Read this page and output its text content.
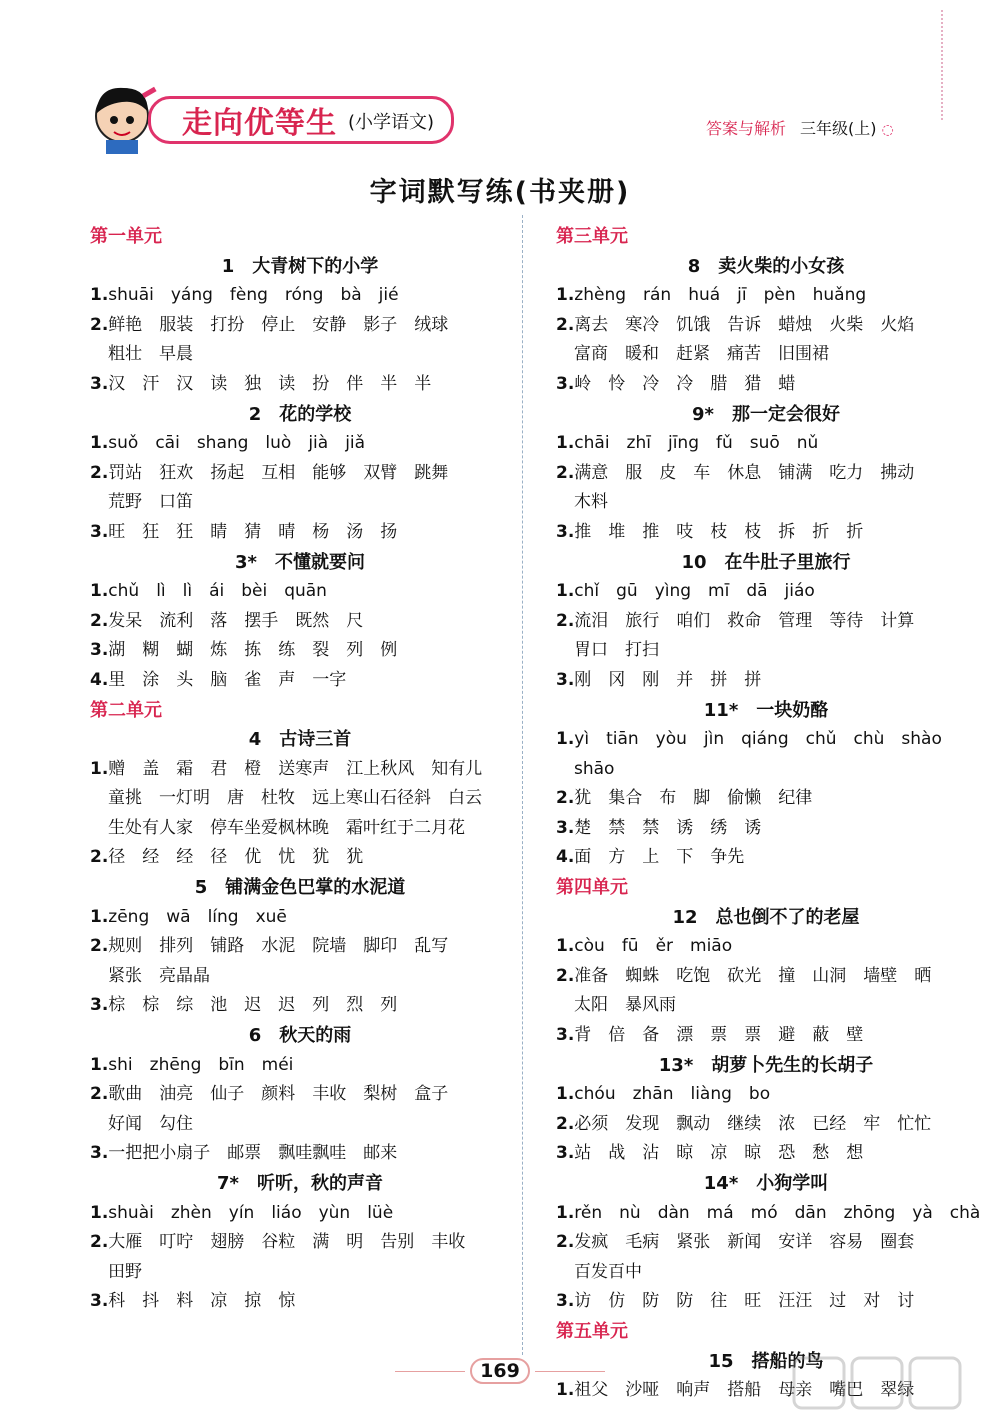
走向优等生 (小学语文)	答案与解析 三年级(上) ◌
字词默写练(书夹册)
第一单元
1　大青树下的小学
1.shuāi　yáng　fèng　róng　bà　jié
2.鲜艳　服装　打扮　停止　安静　影子　绒球
粗壮　早晨
3.汉　汗　汉　读　独　读　扮　伴　半　半
2　花的学校
1.suǒ　cāi　shang　luò　jià　jiǎ
2.罚站　狂欢　扬起　互相　能够　双臂　跳舞
荒野　口笛
3.旺　狂　狂　睛　猜　晴　杨　汤　扬
3*　不懂就要问
1.chǔ　lì　lì　ái　bèi　quān
2.发呆　流利　落　摆手　既然　尺
3.湖　糊　蝴　炼　拣　练　裂　列　例
4.里　涂　头　脑　雀　声　一字
第二单元
4　古诗三首
1.赠　盖　霜　君　橙　送寒声　江上秋风　知有儿
童挑　一灯明　唐　杜牧　远上寒山石径斜　白云
生处有人家　停车坐爱枫林晚　霜叶红于二月花
2.径　经　经　径　优　忧　犹　犹
5　铺满金色巴掌的水泥道
1.zēng　wā　líng　xuē
2.规则　排列　铺路　水泥　院墙　脚印　乱写
紧张　亮晶晶
3.棕　棕　综　池　迟　迟　列　烈　列
6　秋天的雨
1.shi　zhēng　bīn　méi
2.歌曲　油亮　仙子　颜料　丰收　梨树　盒子
好闻　勾住
3.一把把小扇子　邮票　飘哇飘哇　邮来
7*　听听，秋的声音
1.shuài　zhèn　yín　liáo　yùn　lüè
2.大雁　叮咛　翅膀　谷粒　满　明　告别　丰收
田野
3.科　抖　料　凉　掠　惊
第三单元
8　卖火柴的小女孩
1.zhèng　rán　huá　jī　pèn　huǎng
2.离去　寒冷　饥饿　告诉　蜡烛　火柴　火焰
富商　暖和　赶紧　痛苦　旧围裙
3.岭　怜　冷　冷　腊　猎　蜡
9*　那一定会很好
1.chāi　zhī　jīng　fǔ　suō　nǔ
2.满意　服　皮　车　休息　铺满　吃力　拂动
木料
3.推　堆　推　吱　枝　枝　拆　折　折
10　在牛肚子里旅行
1.chǐ　gū　yìng　mī　dā　jiáo
2.流泪　旅行　咱们　救命　管理　等待　计算
胃口　打扫
3.刚　冈　刚　并　拼　拼
11*　一块奶酪
1.yì　tiān　yòu　jìn　qiáng　chǔ　chù　shào
shāo
2.犹　集合　布　脚　偷懒　纪律
3.楚　禁　禁　诱　绣　诱
4.面　方　上　下　争先
第四单元
12　总也倒不了的老屋
1.còu　fū　ěr　miāo
2.准备　蜘蛛　吃饱　砍光　撞　山洞　墙壁　晒
太阳　暴风雨
3.背　倍　备　漂　票　票　避　蔽　壁
13*　胡萝卜先生的长胡子
1.chóu　zhān　liàng　bo
2.必须　发现　飘动　继续　浓　已经　牢　忙忙
3.站　战　沾　晾　凉　晾　恐　愁　想
14*　小狗学叫
1.rěn　nù　dàn　má　mó　dān　zhōng　yà　chà
2.发疯　毛病　紧张　新闻　安详　容易　圈套
百发百中
3.访　仿　防　防　往　旺　汪汪　过　对　讨
第五单元
15　搭船的鸟
1.祖父　沙哑　响声　搭船　母亲　嘴巴　翠绿
169
